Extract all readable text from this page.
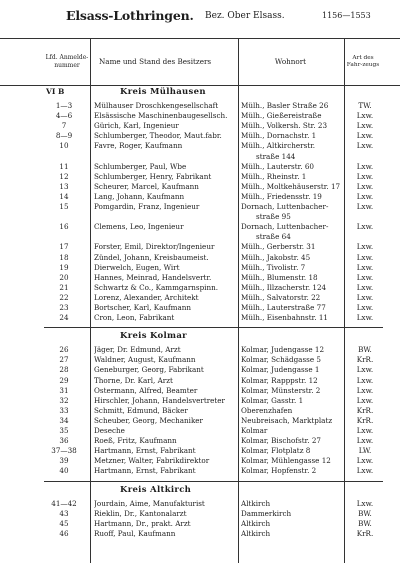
Elsass-Lothringen. Bez. Ober Elsass.	1156—1553
Lfd. Anmelde-nummer	Name und Stand des Besitzers	Wohnort	Art des Fahr-zeugs
VI B	Kreis Mülhausen
1—3	Mülhauser Droschkengesellschaft	Mülh., Basler Straße 26	TW.
4—6	Elsässische Maschinenbaugesellsch.	Mülh., Gießereistraße	Lxw.
7	Gürich, Karl, Ingenieur	Mülh., Volkersh. Str. 23	Lxw.
8—9	Schlumberger, Theodor, Maut.fabr.	Mülh., Dornachstr. 1	Lxw.
10	Favre, Roger, Kaufmann	Mülh., Altkircherstr.	Lxw.
straße 144
11	Schlumberger, Paul, Wbe	Mülh., Lauterstr. 60	Lxw.
12	Schlumberger, Henry, Fabrikant	Mülh., Rheinstr. 1	Lxw.
13	Scheurer, Marcel, Kaufmann	Mülh., Moltkehäuserstr. 17	Lxw.
14	Lang, Johann, Kaufmann	Mülh., Friedensstr. 19	Lxw.
15	Pomgardin, Franz, Ingenieur	Dornach, Luttenbacher-	Lxw.
straße 95
16	Clemens, Leo, Ingenieur	Dornach, Luttenbacher-	Lxw.
straße 64
17	Forster, Emil, Direktor/Ingenieur	Mülh., Gerberstr. 31	Lxw.
18	Zündel, Johann, Kreisbaumeist.	Mülh., Jakobstr. 45	Lxw.
19	Dierwelch, Eugen, Wirt	Mülh., Tivolistr. 7	Lxw.
20	Hannes, Meinrad, Handelsvertr.	Mülh., Blumenstr. 18	Lxw.
21	Schwartz & Co., Kammgarnspinn.	Mülh., Illzacherstr. 124	Lxw.
22	Lorenz, Alexander, Architekt	Mülh., Salvatorstr. 22	Lxw.
23	Bortscher, Karl, Kaufmann	Mülh., Lauterstraße 77	Lxw.
24	Cron, Leon, Fabrikant	Mülh., Eisenbahnstr. 11	Lxw.
Kreis Kolmar
26	Jäger, Dr. Edmund, Arzt	Kolmar, Judengasse 12	BW.
27	Waldner, August, Kaufmann	Kolmar, Schädgasse 5	KrR.
28	Geneburger, Georg, Fabrikant	Kolmar, Judengasse 1	Lxw.
29	Thorne, Dr. Karl, Arzt	Kolmar, Rapppstr. 12	Lxw.
31	Ostermann, Alfred, Beamter	Kolmar, Münsterstr. 2	Lxw.
32	Hirschler, Johann, Handelsvertreter	Kolmar, Gasstr. 1	Lxw.
33	Schmitt, Edmund, Bäcker	Oberenzhafen	KrR.
34	Scheuber, Georg, Mechaniker	Neubreisach, Marktplatz	KrR.
35	Deseche	Kolmar	Lxw.
36	Roeß, Fritz, Kaufmann	Kolmar, Bischofstr. 27	Lxw.
37—38	Hartmann, Ernst, Fabrikant	Kolmar, Flotplatz 8	LW.
39	Metzner, Walter, Fabrikdirektor	Kolmar, Mühlengasse 12	Lxw.
40	Hartmann, Ernst, Fabrikant	Kolmar, Hopfenstr. 2	Lxw.
Kreis Altkirch
41—42	Jourdain, Aime, Manufakturist	Altkirch	Lxw.
43	Rieklin, Dr., Kantonalarzt	Dammerkirch	BW.
45	Hartmann, Dr., prakt. Arzt	Altkirch	BW.
46	Ruoff, Paul, Kaufmann	Altkirch	KrR.
